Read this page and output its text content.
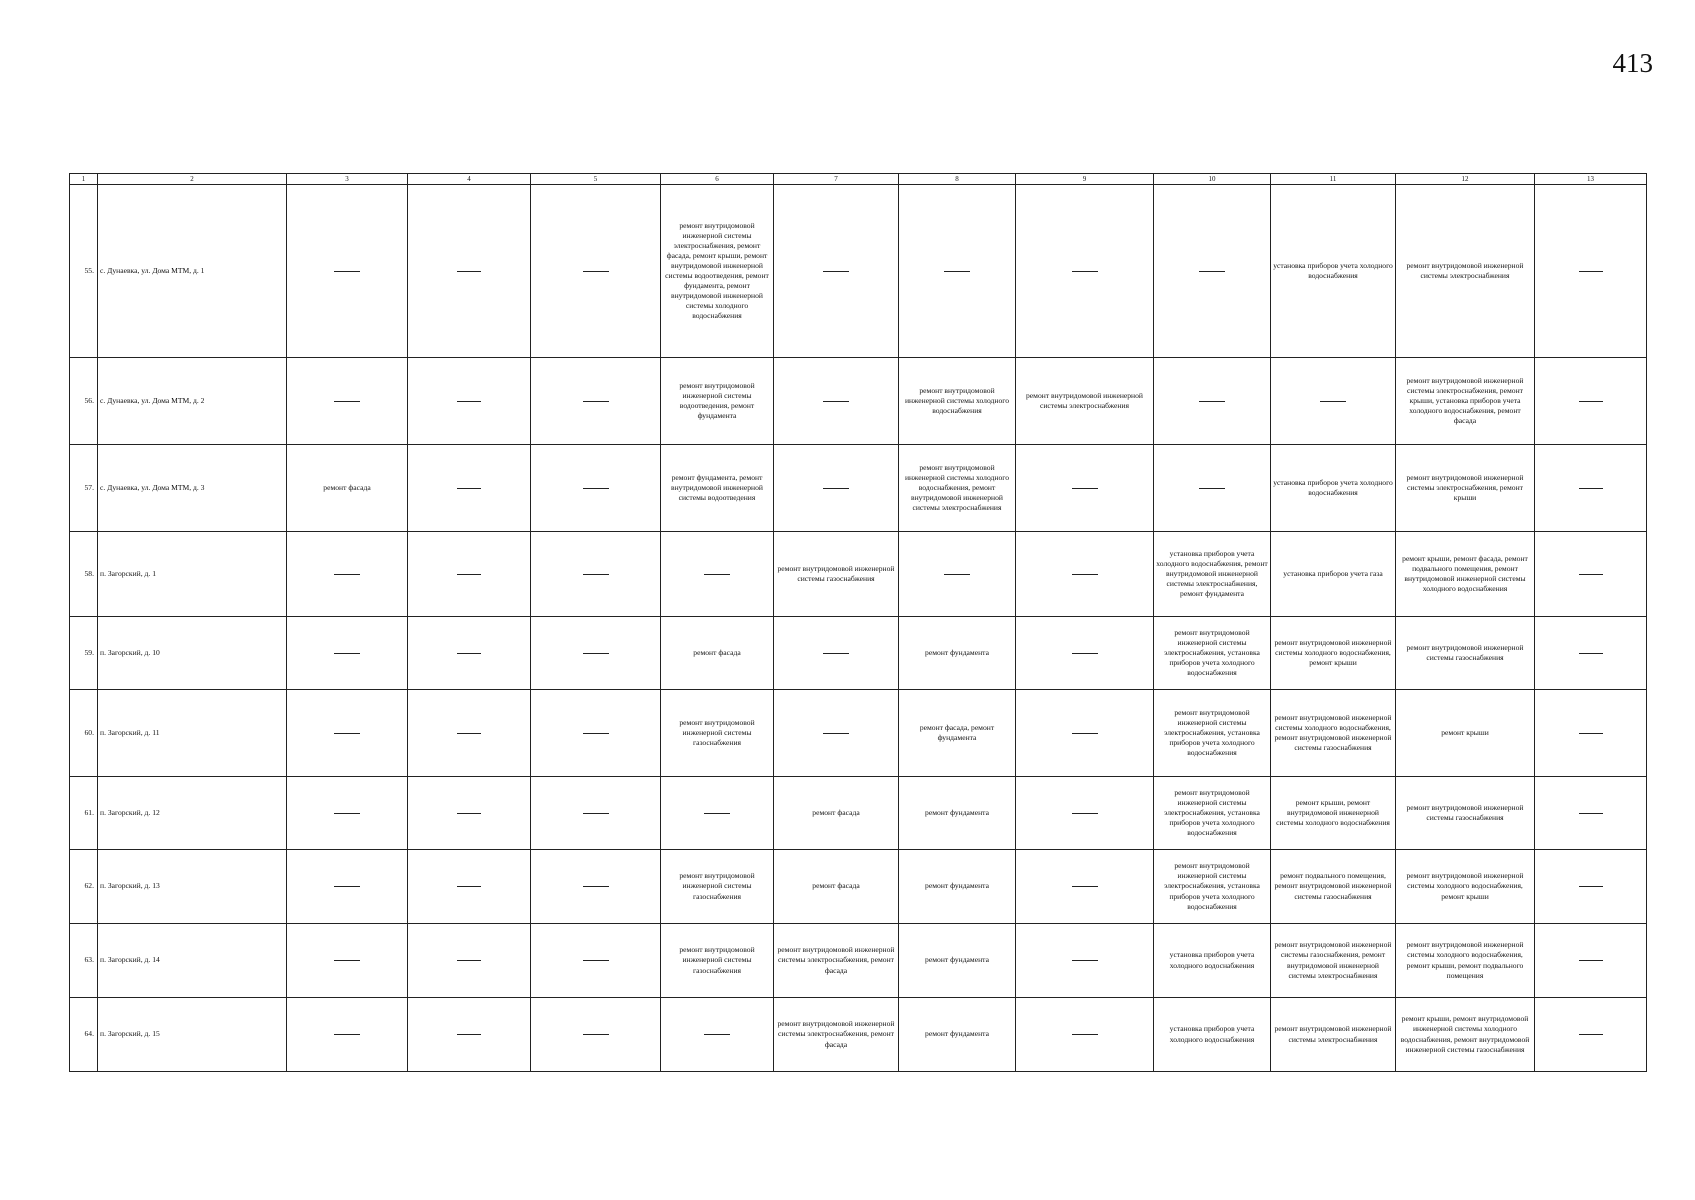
413
1	2	3	4	5	6	7	8	9	10	11	12	13
55.	с. Дунаевка, ул. Дома МТМ, д. 1				ремонт внутридомовой инженерной системы электроснабжения, ремонт фасада, ремонт крыши, ремонт внутридомовой инженерной системы водоотведения, ремонт фундамента, ремонт внутридомовой инженерной системы холодного водоснабжения					установка приборов учета холодного водоснабжения	ремонт внутридомовой инженерной системы электроснабжения	
56.	с. Дунаевка, ул. Дома МТМ, д. 2				ремонт внутридомовой инженерной системы водоотведения, ремонт фундамента		ремонт внутридомовой инженерной системы холодного водоснабжения	ремонт внутридомовой инженерной системы электроснабжения			ремонт внутридомовой инженерной системы электроснабжения, ремонт крыши, установка приборов учета холодного водоснабжения, ремонт фасада	
57.	с. Дунаевка, ул. Дома МТМ, д. 3	ремонт фасада			ремонт фундамента, ремонт внутридомовой инженерной системы водоотведения		ремонт внутридомовой инженерной системы холодного водоснабжения, ремонт внутридомовой инженерной системы электроснабжения			установка приборов учета холодного водоснабжения	ремонт внутридомовой инженерной системы электроснабжения, ремонт крыши	
58.	п. Загорский, д. 1					ремонт внутридомовой инженерной системы газоснабжения			установка приборов учета холодного водоснабжения, ремонт внутридомовой инженерной системы электроснабжения, ремонт фундамента	установка приборов учета газа	ремонт крыши, ремонт фасада, ремонт подвального помещения, ремонт внутридомовой инженерной системы холодного водоснабжения	
59.	п. Загорский, д. 10				ремонт фасада		ремонт фундамента		ремонт внутридомовой инженерной системы электроснабжения, установка приборов учета холодного водоснабжения	ремонт внутридомовой инженерной системы холодного водоснабжения, ремонт крыши	ремонт внутридомовой инженерной системы газоснабжения	
60.	п. Загорский, д. 11				ремонт внутридомовой инженерной системы газоснабжения		ремонт фасада, ремонт фундамента		ремонт внутридомовой инженерной системы электроснабжения, установка приборов учета холодного водоснабжения	ремонт внутридомовой инженерной системы холодного водоснабжения, ремонт внутридомовой инженерной системы газоснабжения	ремонт крыши	
61.	п. Загорский, д. 12					ремонт фасада	ремонт фундамента		ремонт внутридомовой инженерной системы электроснабжения, установка приборов учета холодного водоснабжения	ремонт крыши, ремонт внутридомовой инженерной системы холодного водоснабжения	ремонт внутридомовой инженерной системы газоснабжения	
62.	п. Загорский, д. 13				ремонт внутридомовой инженерной системы газоснабжения	ремонт фасада	ремонт фундамента		ремонт внутридомовой инженерной системы электроснабжения, установка приборов учета холодного водоснабжения	ремонт подвального помещения, ремонт внутридомовой инженерной системы газоснабжения	ремонт внутридомовой инженерной системы холодного водоснабжения, ремонт крыши	
63.	п. Загорский, д. 14				ремонт внутридомовой инженерной системы газоснабжения	ремонт внутридомовой инженерной системы электроснабжения, ремонт фасада	ремонт фундамента		установка приборов учета холодного водоснабжения	ремонт внутридомовой инженерной системы газоснабжения, ремонт внутридомовой инженерной системы электроснабжения	ремонт внутридомовой инженерной системы холодного водоснабжения, ремонт крыши, ремонт подвального помещения	
64.	п. Загорский, д. 15					ремонт внутридомовой инженерной системы электроснабжения, ремонт фасада	ремонт фундамента		установка приборов учета холодного водоснабжения	ремонт внутридомовой инженерной системы электроснабжения	ремонт крыши, ремонт внутридомовой инженерной системы холодного водоснабжения, ремонт внутридомовой инженерной системы газоснабжения	
